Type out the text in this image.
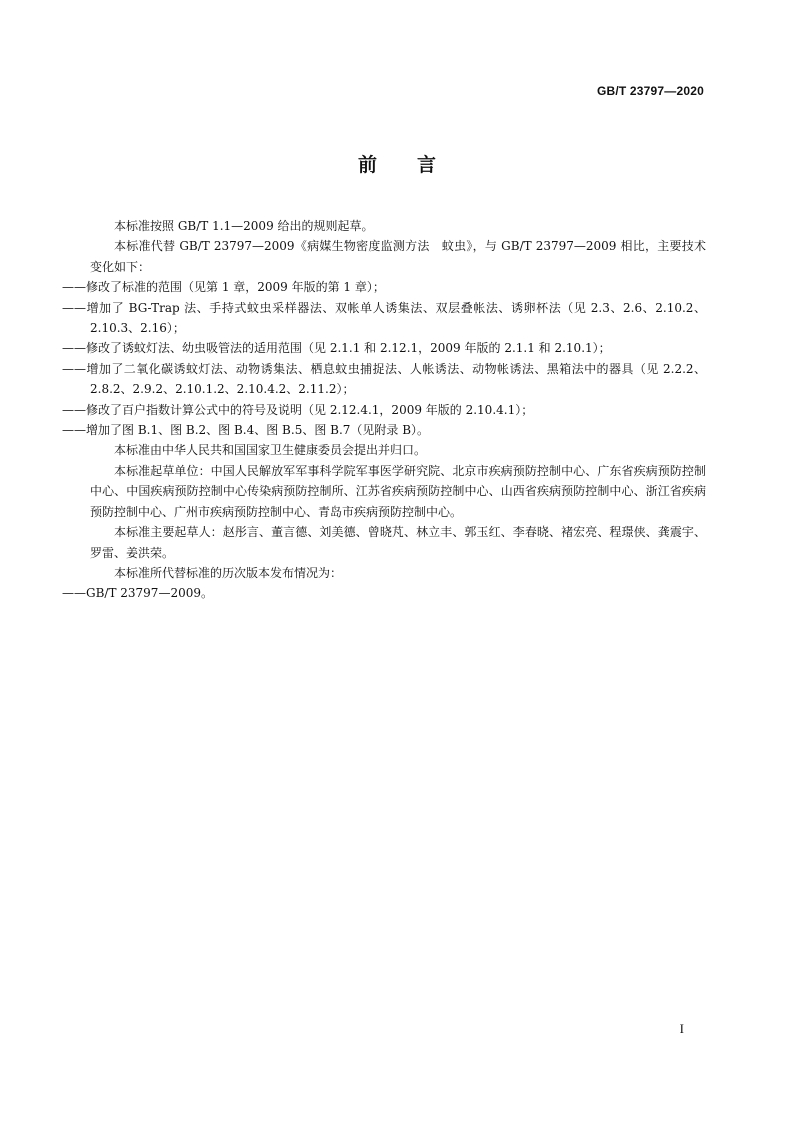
GB/T 23797—2020
前 言

本标准按照 GB/T 1.1—2009 给出的规则起草。

本标准代替 GB/T 23797—2009《病媒生物密度监测方法　蚊虫》，与 GB/T 23797—2009 相比，主要技术变化如下：

——修改了标准的范围（见第 1 章，2009 年版的第 1 章）；

——增加了 BG-Trap 法、手持式蚊虫采样器法、双帐单人诱集法、双层叠帐法、诱卵杯法（见 2.3、2.6、2.10.2、2.10.3、2.16）；

——修改了诱蚊灯法、幼虫吸管法的适用范围（见 2.1.1 和 2.12.1，2009 年版的 2.1.1 和 2.10.1）；

——增加了二氧化碳诱蚊灯法、动物诱集法、栖息蚊虫捕捉法、人帐诱法、动物帐诱法、黑箱法中的器具（见 2.2.2、2.8.2、2.9.2、2.10.1.2、2.10.4.2、2.11.2）；

——修改了百户指数计算公式中的符号及说明（见 2.12.4.1，2009 年版的 2.10.4.1）；

——增加了图 B.1、图 B.2、图 B.4、图 B.5、图 B.7（见附录 B）。

本标准由中华人民共和国国家卫生健康委员会提出并归口。

本标准起草单位：中国人民解放军军事科学院军事医学研究院、北京市疾病预防控制中心、广东省疾病预防控制中心、中国疾病预防控制中心传染病预防控制所、江苏省疾病预防控制中心、山西省疾病预防控制中心、浙江省疾病预防控制中心、广州市疾病预防控制中心、青岛市疾病预防控制中心。

本标准主要起草人：赵彤言、董言德、刘美德、曾晓芃、林立丰、郭玉红、李春晓、褚宏亮、程璟侠、龚震宇、罗雷、姜洪荣。

本标准所代替标准的历次版本发布情况为：

——GB/T 23797—2009。

I
